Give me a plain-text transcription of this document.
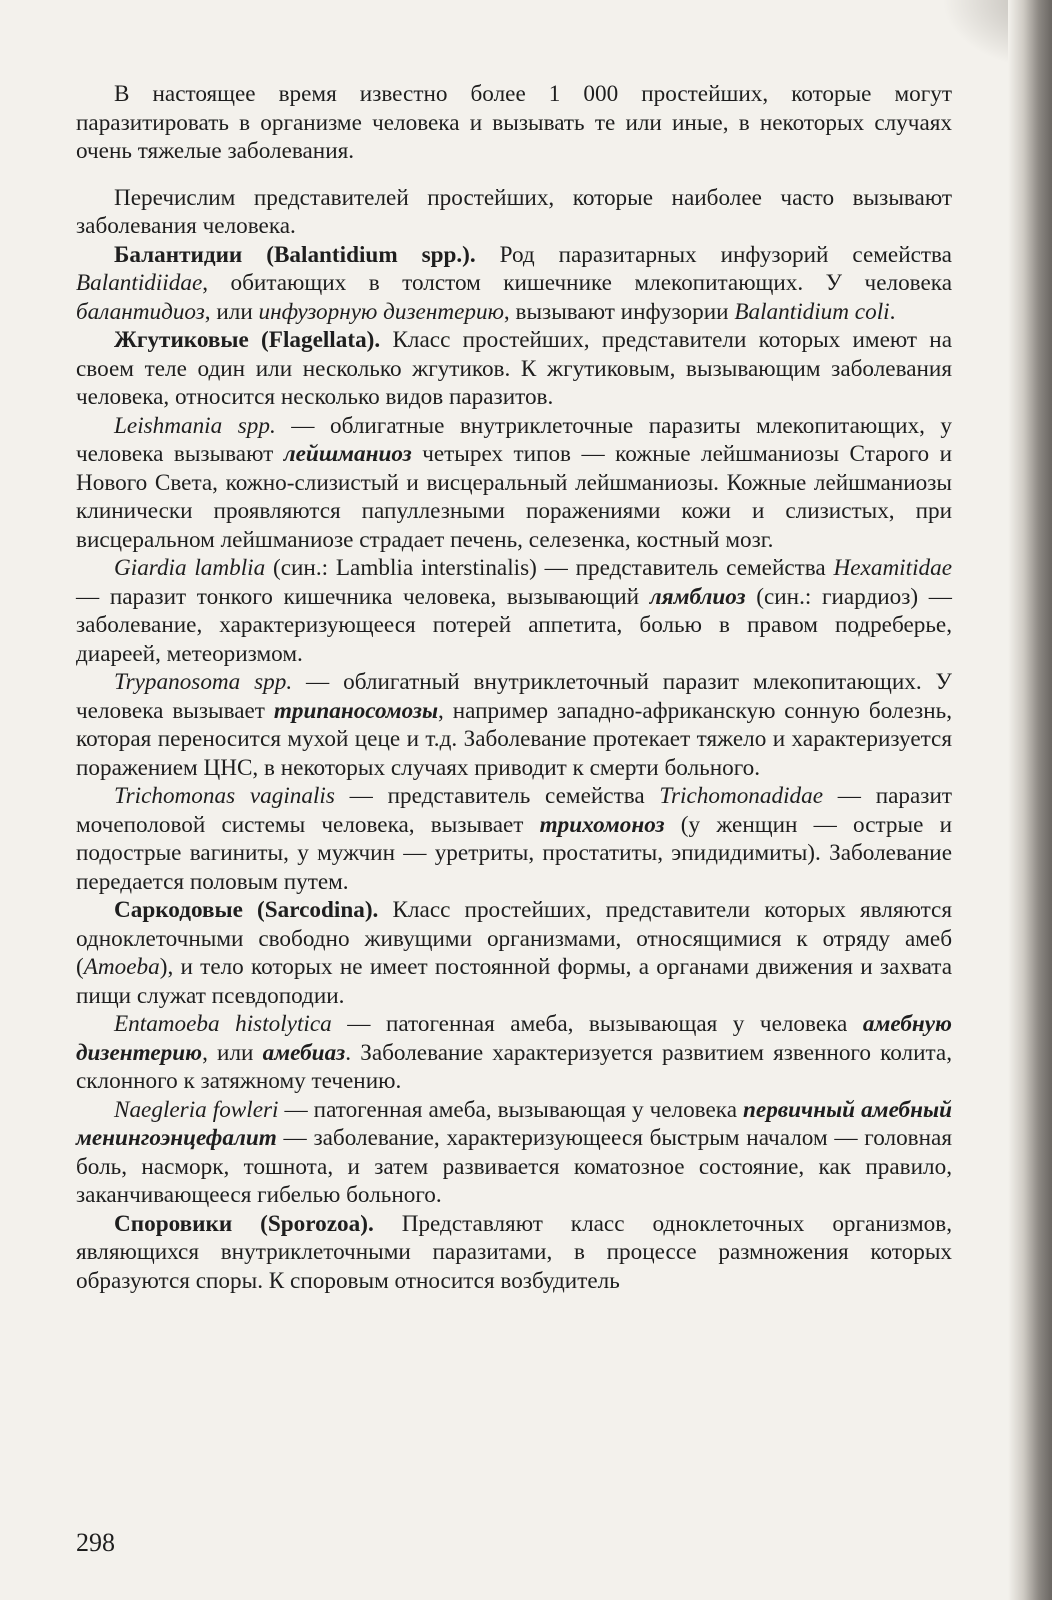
В настоящее время известно более 1 000 простейших, которые могут паразитировать в организме человека и вызывать те или иные, в некоторых случаях очень тяжелые заболевания.

Перечислим представителей простейших, которые наиболее часто вызывают заболевания человека.

Балантидии (Balantidium spp.). Род паразитарных инфузорий семейства Balantidiidae, обитающих в толстом кишечнике млекопитающих. У человека балантидиоз, или инфузорную дизентерию, вызывают инфузории Balantidium coli.

Жгутиковые (Flagellata). Класс простейших, представители которых имеют на своем теле один или несколько жгутиков. К жгутиковым, вызывающим заболевания человека, относится несколько видов паразитов.

Leishmania spp. — облигатные внутриклеточные паразиты млекопитающих, у человека вызывают лейшманиоз четырех типов — кожные лейшманиозы Старого и Нового Света, кожно-слизистый и висцеральный лейшманиозы. Кожные лейшманиозы клинически проявляются папуллезными поражениями кожи и слизистых, при висцеральном лейшманиозе страдает печень, селезенка, костный мозг.

Giardia lamblia (син.: Lamblia interstinalis) — представитель семейства Hexamitidae — паразит тонкого кишечника человека, вызывающий лямблиоз (син.: гиардиоз) — заболевание, характеризующееся потерей аппетита, болью в правом подреберье, диареей, метеоризмом.

Trypanosoma spp. — облигатный внутриклеточный паразит млекопитающих. У человека вызывает трипаносомозы, например западно-африканскую сонную болезнь, которая переносится мухой цеце и т.д. Заболевание протекает тяжело и характеризуется поражением ЦНС, в некоторых случаях приводит к смерти больного.

Trichomonas vaginalis — представитель семейства Trichomonadidae — паразит мочеполовой системы человека, вызывает трихомоноз (у женщин — острые и подострые вагиниты, у мужчин — уретриты, простатиты, эпидидимиты). Заболевание передается половым путем.

Саркодовые (Sarcodina). Класс простейших, представители которых являются одноклеточными свободно живущими организмами, относящимися к отряду амеб (Amoeba), и тело которых не имеет постоянной формы, а органами движения и захвата пищи служат псевдоподии.

Entamoeba histolytica — патогенная амеба, вызывающая у человека амебную дизентерию, или амебиаз. Заболевание характеризуется развитием язвенного колита, склонного к затяжному течению.

Naegleria fowleri — патогенная амеба, вызывающая у человека первичный амебный менингоэнцефалит — заболевание, характеризующееся быстрым началом — головная боль, насморк, тошнота, и затем развивается коматозное состояние, как правило, заканчивающееся гибелью больного.

Споровики (Sporozoa). Представляют класс одноклеточных организмов, являющихся внутриклеточными паразитами, в процессе размножения которых образуются споры. К споровым относится возбудитель

298
